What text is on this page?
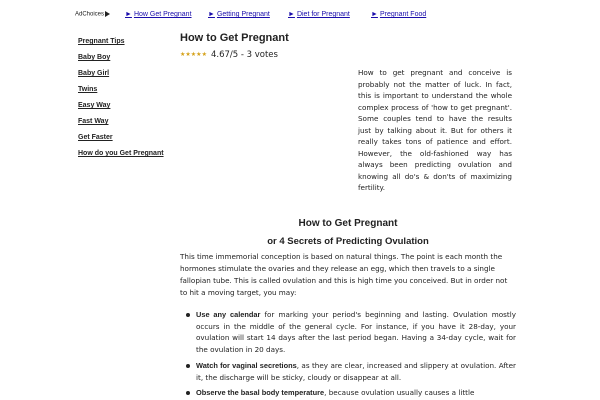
AdChoices	► How Get Pregnant ► Getting Pregnant	► Diet for Pregnant	► Pregnant Food
Pregnant Tips
Baby Boy
Baby Girl
Twins
Easy Way
Fast Way
Get Faster
How do you Get Pregnant
How to Get Pregnant
★ ★ ★ ★ ★ 4.67/5 - 3 votes

How to get pregnant and conceive is probably not the matter of luck. In fact, this is important to understand the whole complex process of 'how to get pregnant'. Some couples tend to have the results just by talking about it. But for others it really takes tons of patience and effort. However, the old-fashioned way has always been predicting ovulation and knowing all do's & don'ts of maximizing fertility.

How to Get Pregnant
or 4 Secrets of Predicting Ovulation

This time immemorial conception is based on natural things. The point is each month the hormones stimulate the ovaries and they release an egg, which then travels to a single fallopian tube. This is called ovulation and this is high time you conceived. But in order not to hit a moving target, you may:

Use any calendar for marking your period's beginning and lasting. Ovulation mostly occurs in the middle of the general cycle. For instance, if you have it 28-day, your ovulation will start 14 days after the last period began. Having a 34-day cycle, wait for the ovulation in 20 days.
Watch for vaginal secretions, as they are clear, increased and slippery at ovulation. After it, the discharge will be sticky, cloudy or disappear at all.
Observe the basal body temperature, because ovulation usually causes a little
